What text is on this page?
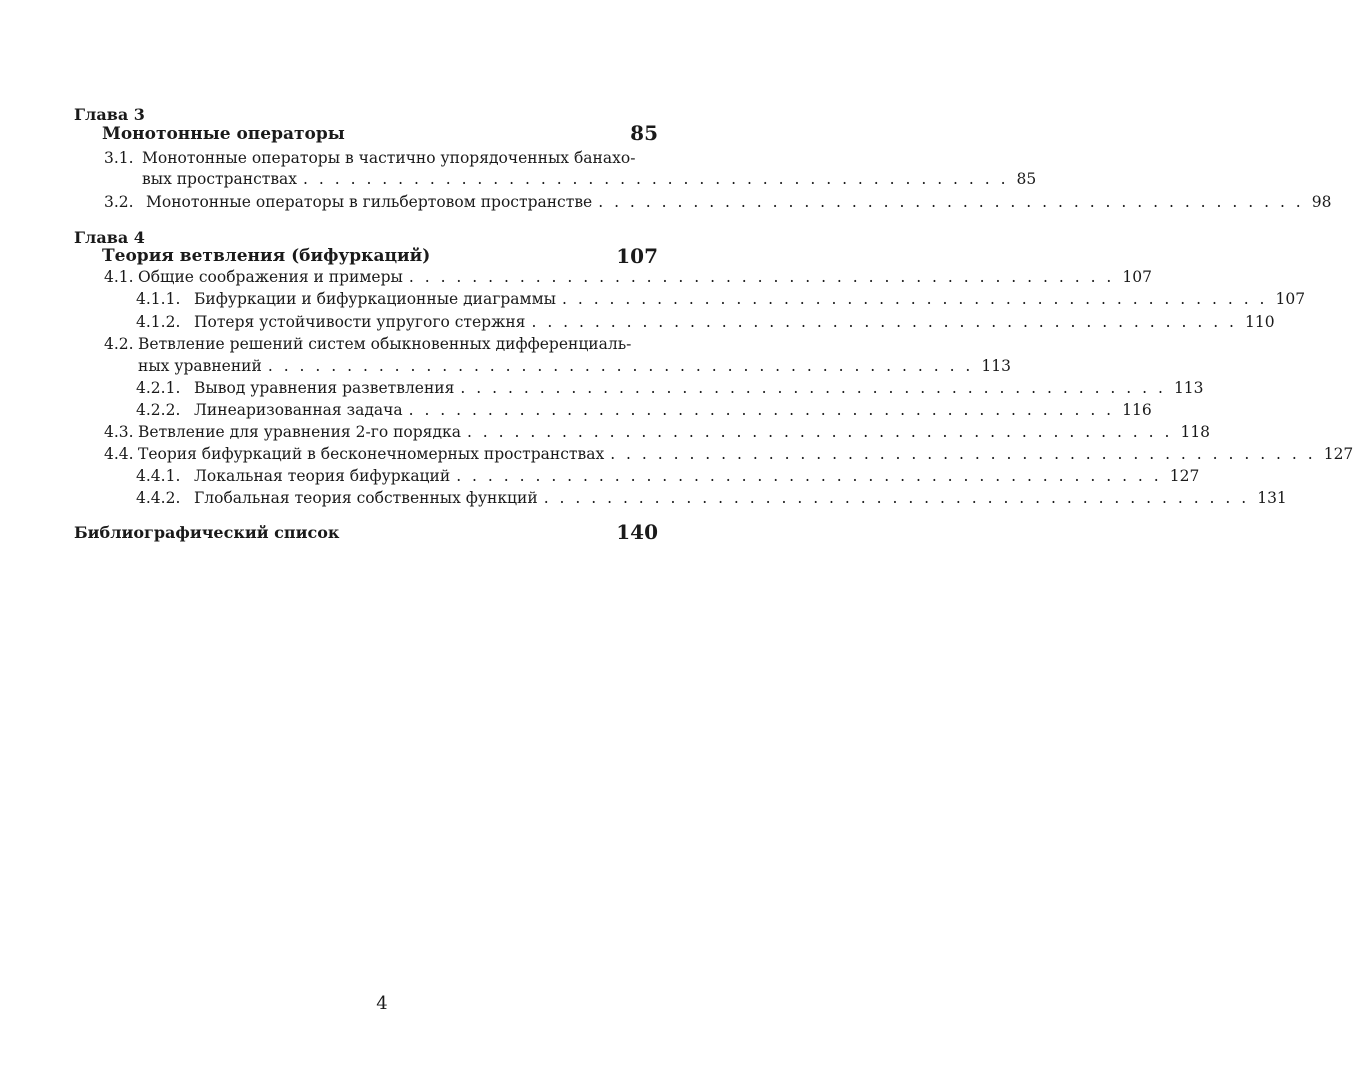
Глава 3
Монотонные операторы	85
3.1. Монотонные операторы в частично упорядоченных банахо-
вых пространствах . . . . . . . . . . . . . . . . . . . . . . . . . . . . . . . . . . . . . . . . . . . . . 85
3.2. Монотонные операторы в гильбертовом пространстве . . . . . . . . . . . . . . . . . . . . . . . . . . . . . . . . . . . . . . . . . . . . . 98
Глава 4
Теория ветвления (бифуркаций)	107
4.1. Общие соображения и примеры . . . . . . . . . . . . . . . . . . . . . . . . . . . . . . . . . . . . . . . . . . . . . 107
4.1.1. Бифуркации и бифуркационные диаграммы . . . . . . . . . . . . . . . . . . . . . . . . . . . . . . . . . . . . . . . . . . . . . 107
4.1.2. Потеря устойчивости упругого стержня . . . . . . . . . . . . . . . . . . . . . . . . . . . . . . . . . . . . . . . . . . . . . 110
4.2. Ветвление решений систем обыкновенных дифференциаль-
ных уравнений . . . . . . . . . . . . . . . . . . . . . . . . . . . . . . . . . . . . . . . . . . . . . 113
4.2.1. Вывод уравнения разветвления . . . . . . . . . . . . . . . . . . . . . . . . . . . . . . . . . . . . . . . . . . . . . 113
4.2.2. Линеаризованная задача . . . . . . . . . . . . . . . . . . . . . . . . . . . . . . . . . . . . . . . . . . . . . 116
4.3. Ветвление для уравнения 2-го порядка . . . . . . . . . . . . . . . . . . . . . . . . . . . . . . . . . . . . . . . . . . . . . 118
4.4. Теория бифуркаций в бесконечномерных пространствах . . . . . . . . . . . . . . . . . . . . . . . . . . . . . . . . . . . . . . . . . . . . . 127
4.4.1. Локальная теория бифуркаций . . . . . . . . . . . . . . . . . . . . . . . . . . . . . . . . . . . . . . . . . . . . . 127
4.4.2. Глобальная теория собственных функций . . . . . . . . . . . . . . . . . . . . . . . . . . . . . . . . . . . . . . . . . . . . . 131
Библиографический список	140
4
